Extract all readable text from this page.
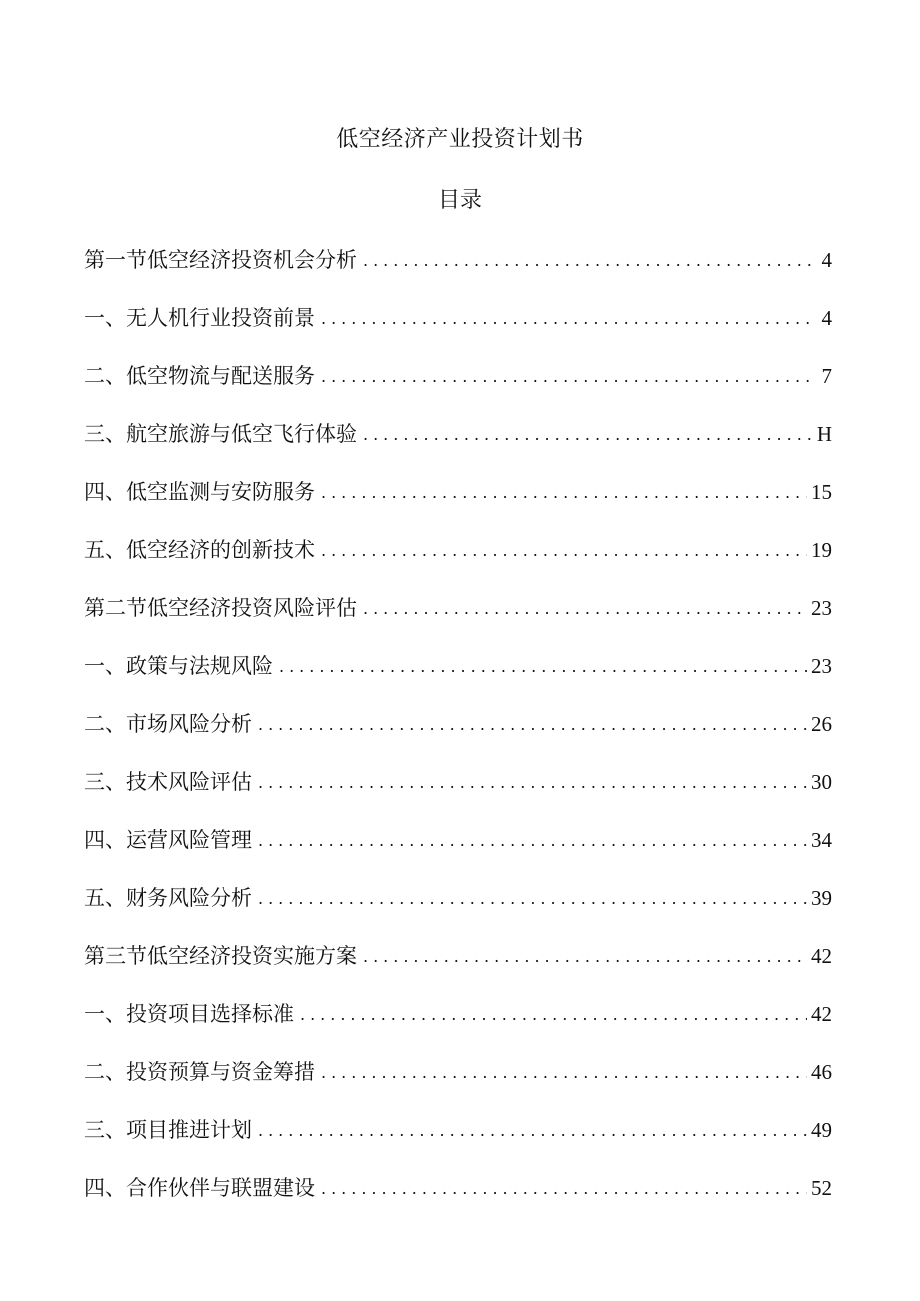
低空经济产业投资计划书
目录
第一节低空经济投资机会分析 .....	4
一、无人机行业投资前景 .....	4
二、低空物流与配送服务 .....	7
三、航空旅游与低空飞行体验 .....	H
四、低空监测与安防服务 .....	15
五、低空经济的创新技术 .....	19
第二节低空经济投资风险评估 .....	23
一、政策与法规风险 .....	23
二、市场风险分析 .....	26
三、技术风险评估 .....	30
四、运营风险管理 .....	34
五、财务风险分析 .....	39
第三节低空经济投资实施方案 .....	42
一、投资项目选择标准 .....	42
二、投资预算与资金筹措 .....	46
三、项目推进计划 .....	49
四、合作伙伴与联盟建设 .....	52
